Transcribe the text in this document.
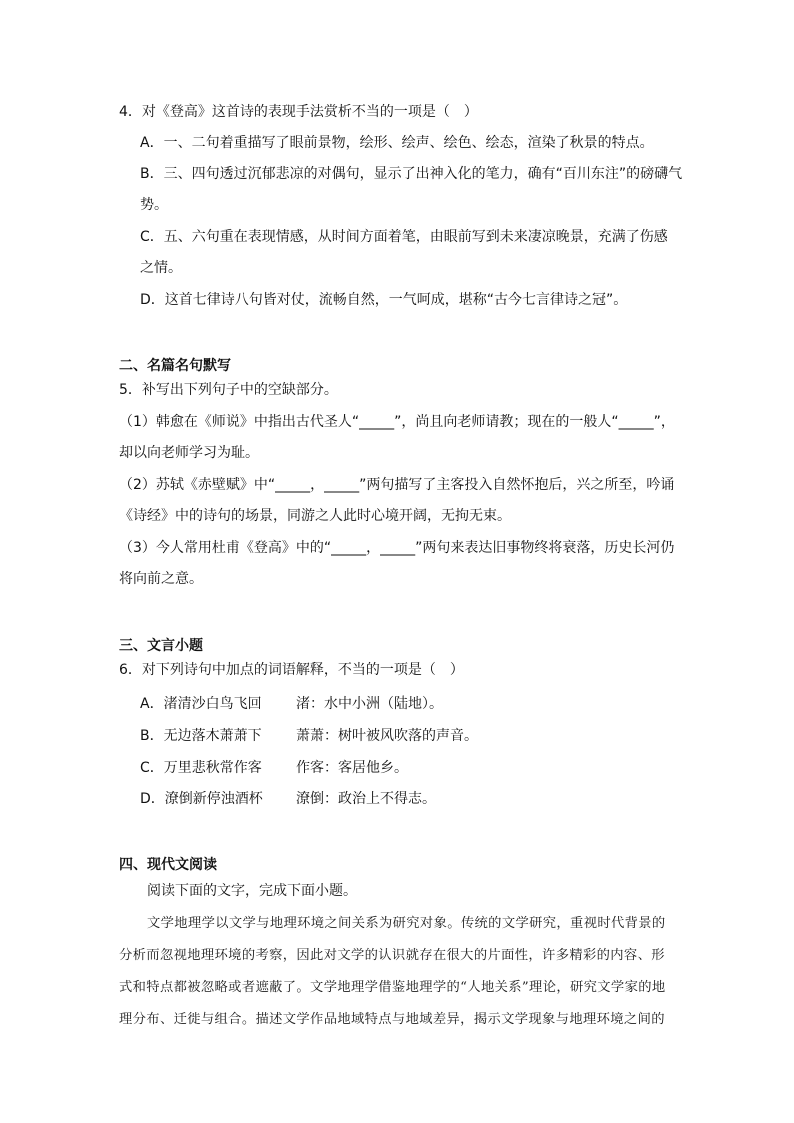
4．对《登高》这首诗的表现手法赏析不当的一项是（　）
A．一、二句着重描写了眼前景物，绘形、绘声、绘色、绘态，渲染了秋景的特点。
B．三、四句透过沉郁悲凉的对偶句，显示了出神入化的笔力，确有“百川东注”的磅礴气
势。
C．五、六句重在表现情感，从时间方面着笔，由眼前写到未来凄凉晚景，充满了伤感
之情。
D．这首七律诗八句皆对仗，流畅自然，一气呵成，堪称“古今七言律诗之冠”。
二、名篇名句默写
5．补写出下列句子中的空缺部分。
（1）韩愈在《师说》中指出古代圣人“_____”，尚且向老师请教；现在的一般人“_____”，
却以向老师学习为耻。
（2）苏轼《赤壁赋》中“_____，_____”两句描写了主客投入自然怀抱后，兴之所至，吟诵
《诗经》中的诗句的场景，同游之人此时心境开阔，无拘无束。
（3）今人常用杜甫《登高》中的“_____，_____”两句来表达旧事物终将衰落，历史长河仍
将向前之意。
三、文言小题
6．对下列诗句中加点的词语解释，不当的一项是（　）
A．渚清沙白鸟飞回 渚：水中小洲（陆地）。
B．无边落木萧萧下 萧萧：树叶被风吹落的声音。
C．万里悲秋常作客 作客：客居他乡。
D．潦倒新停浊酒杯 潦倒：政治上不得志。
四、现代文阅读
阅读下面的文字，完成下面小题。
文学地理学以文学与地理环境之间关系为研究对象。传统的文学研究，重视时代背景的
分析而忽视地理环境的考察，因此对文学的认识就存在很大的片面性，许多精彩的内容、形
式和特点都被忽略或者遮蔽了。文学地理学借鉴地理学的“人地关系”理论，研究文学家的地
理分布、迁徙与组合。描述文学作品地域特点与地域差异，揭示文学现象与地理环境之间的
